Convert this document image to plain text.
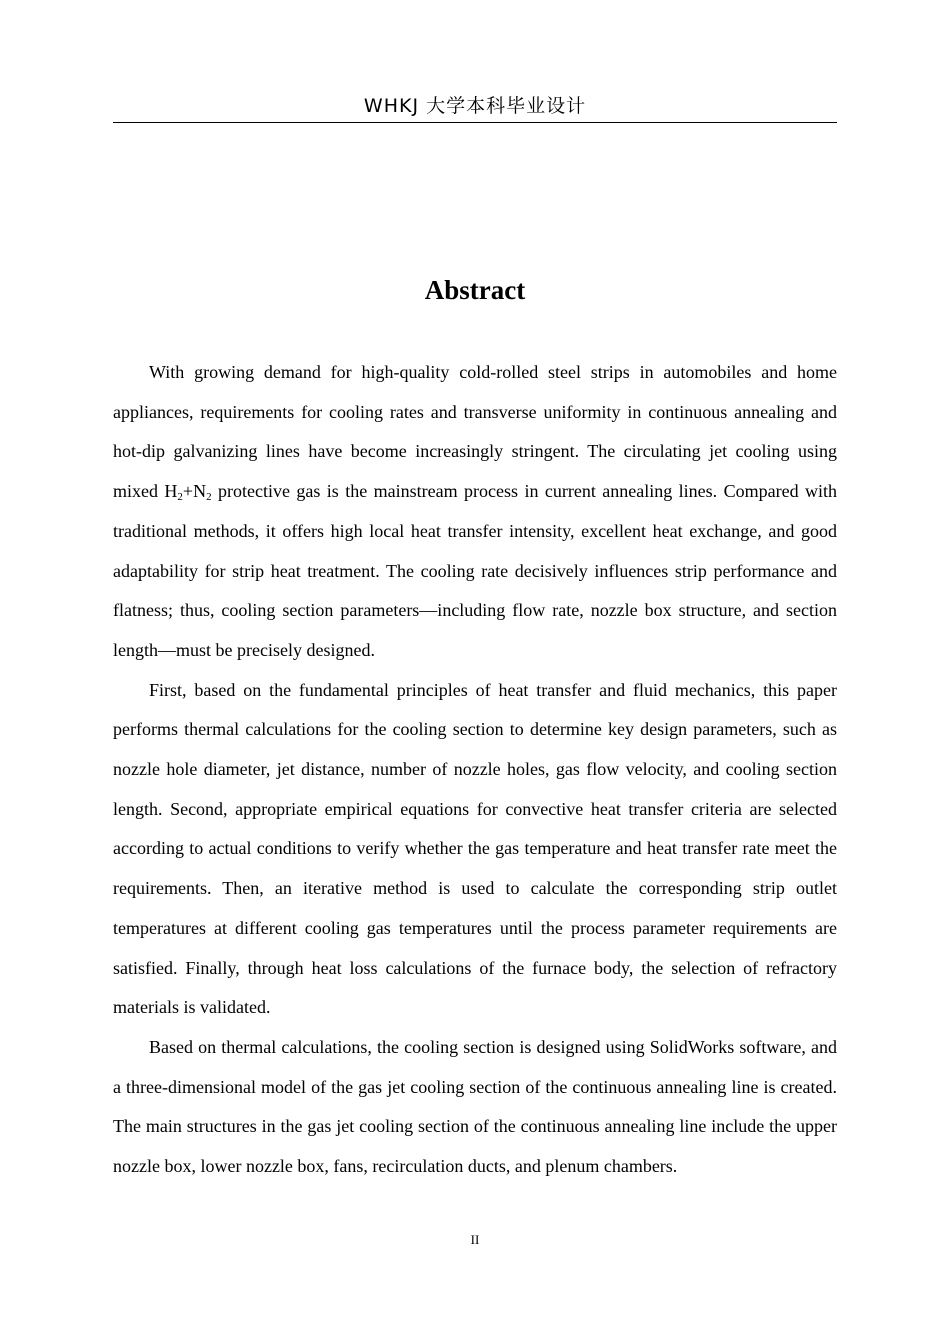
WHKJ 大学本科毕业设计
Abstract

With growing demand for high-quality cold-rolled steel strips in automobiles and home appliances, requirements for cooling rates and transverse uniformity in continuous annealing and hot-dip galvanizing lines have become increasingly stringent. The circulating jet cooling using mixed $H_2+N_2$ protective gas is the mainstream process in current annealing lines. Compared with traditional methods, it offers high local heat transfer intensity, excellent heat exchange, and good adaptability for strip heat treatment. The cooling rate decisively influences strip performance and flatness; thus, cooling section parameters—including flow rate, nozzle box structure, and section length—must be precisely designed.

First, based on the fundamental principles of heat transfer and fluid mechanics, this paper performs thermal calculations for the cooling section to determine key design parameters, such as nozzle hole diameter, jet distance, number of nozzle holes, gas flow velocity, and cooling section length. Second, appropriate empirical equations for convective heat transfer criteria are selected according to actual conditions to verify whether the gas temperature and heat transfer rate meet the requirements. Then, an iterative method is used to calculate the corresponding strip outlet temperatures at different cooling gas temperatures until the process parameter requirements are satisfied. Finally, through heat loss calculations of the furnace body, the selection of refractory materials is validated.

Based on thermal calculations, the cooling section is designed using SolidWorks software, and a three-dimensional model of the gas jet cooling section of the continuous annealing line is created. The main structures in the gas jet cooling section of the continuous annealing line include the upper nozzle box, lower nozzle box, fans, recirculation ducts, and plenum chambers.

II
